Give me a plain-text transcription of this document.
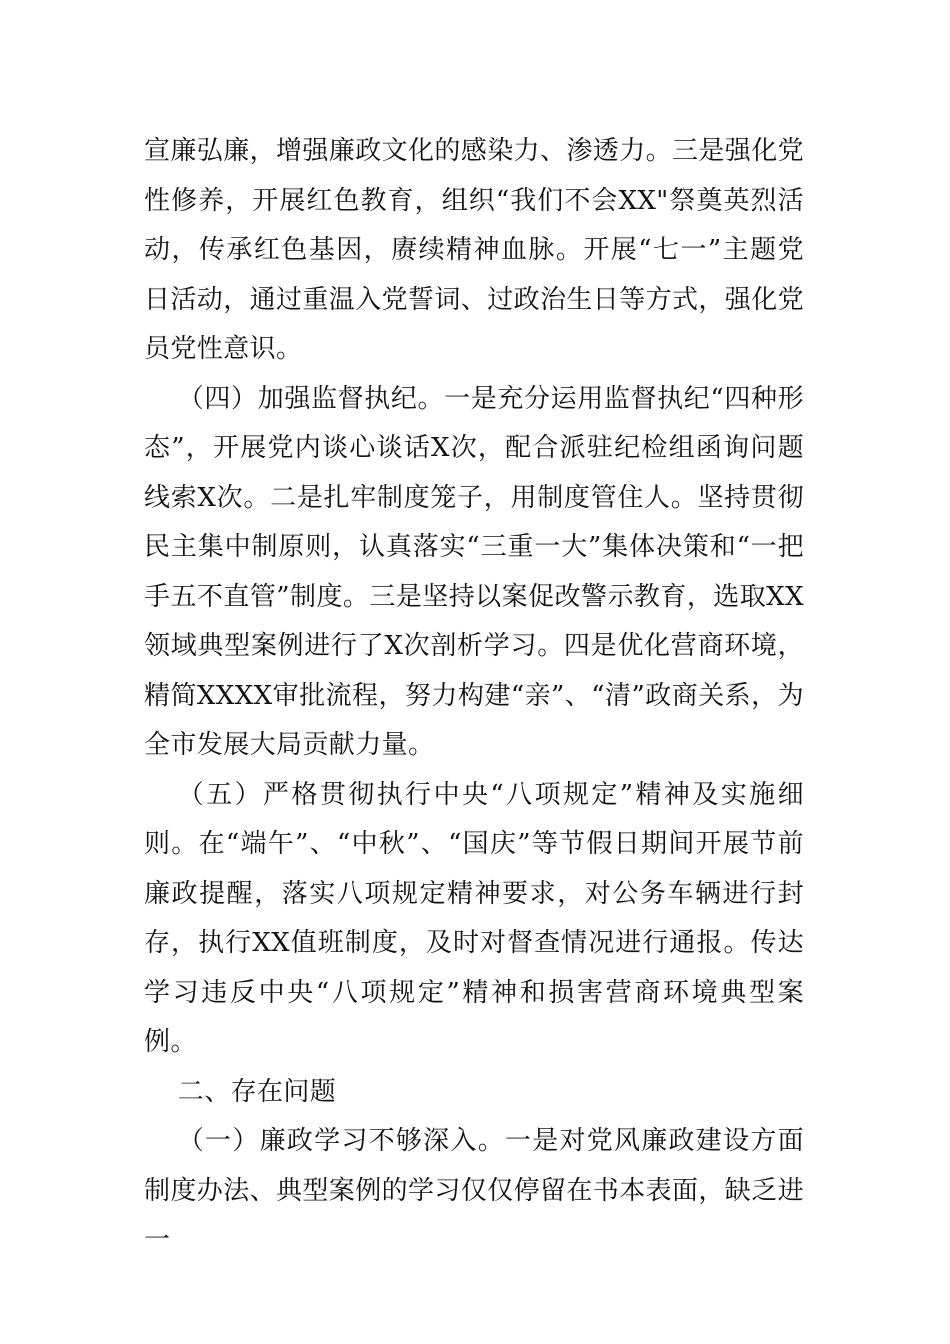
宣廉弘廉，增强廉政文化的感染力、渗透力。三是强化党性修养，开展红色教育，组织“我们不会XX"祭奠英烈活动，传承红色基因，赓续精神血脉。开展“七一”主题党日活动，通过重温入党誓词、过政治生日等方式，强化党员党性意识。

（四）加强监督执纪。一是充分运用监督执纪“四种形态”，开展党内谈心谈话X次，配合派驻纪检组函询问题线索X次。二是扎牢制度笼子，用制度管住人。坚持贯彻民主集中制原则，认真落实“三重一大”集体决策和“一把手五不直管”制度。三是坚持以案促改警示教育，选取XX领域典型案例进行了X次剖析学习。四是优化营商环境，精简XXXX审批流程，努力构建“亲”、“清”政商关系，为全市发展大局贡献力量。

（五）严格贯彻执行中央“八项规定”精神及实施细则。在“端午”、“中秋”、“国庆”等节假日期间开展节前廉政提醒，落实八项规定精神要求，对公务车辆进行封存，执行XX值班制度，及时对督查情况进行通报。传达学习违反中央“八项规定”精神和损害营商环境典型案例。

二、存在问题

（一）廉政学习不够深入。一是对党风廉政建设方面制度办法、典型案例的学习仅仅停留在书本表面，缺乏进一
